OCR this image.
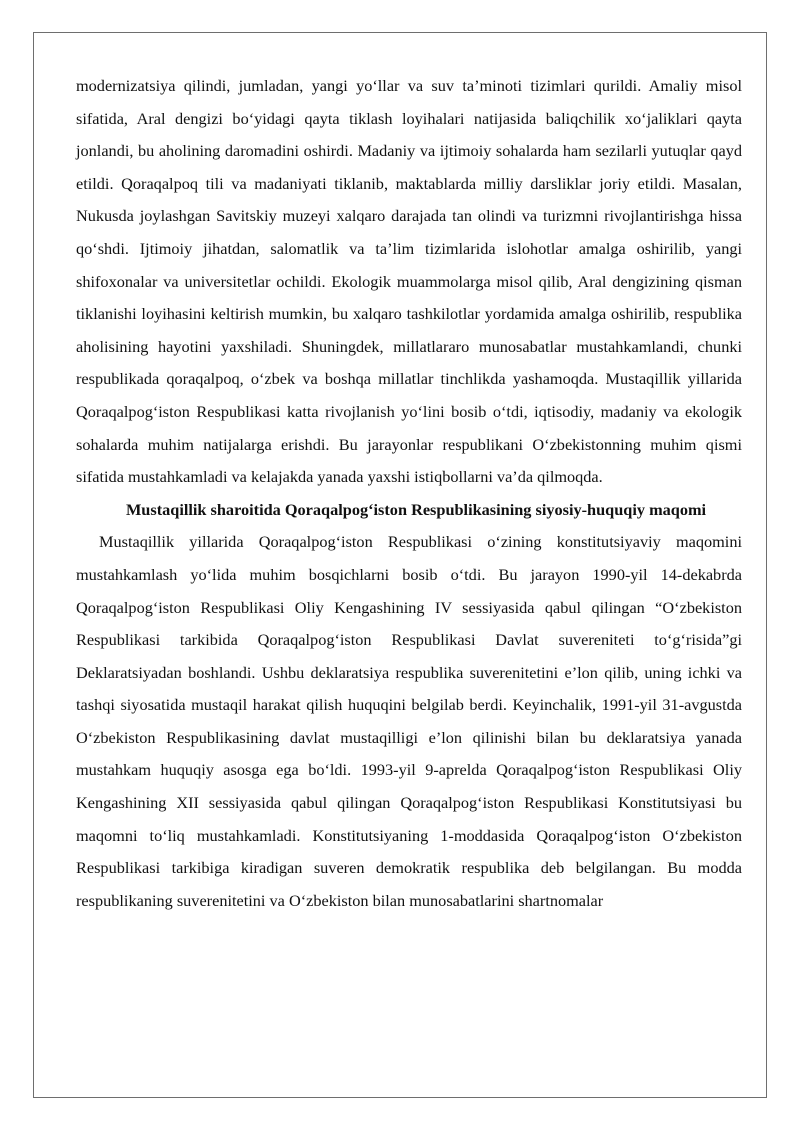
modernizatsiya qilindi, jumladan, yangi yo‘llar va suv ta’minoti tizimlari qurildi. Amaliy misol sifatida, Aral dengizi bo‘yidagi qayta tiklash loyihalari natijasida baliqchilik xo‘jaliklari qayta jonlandi, bu aholining daromadini oshirdi. Madaniy va ijtimoiy sohalarda ham sezilarli yutuqlar qayd etildi. Qoraqalpoq tili va madaniyati tiklanib, maktablarda milliy darsliklar joriy etildi. Masalan, Nukusda joylashgan Savitskiy muzeyi xalqaro darajada tan olindi va turizmni rivojlantirishga hissa qo‘shdi. Ijtimoiy jihatdan, salomatlik va ta’lim tizimlarida islohotlar amalga oshirilib, yangi shifoxonalar va universitetlar ochildi. Ekologik muammolarga misol qilib, Aral dengizining qisman tiklanishi loyihasini keltirish mumkin, bu xalqaro tashkilotlar yordamida amalga oshirilib, respublika aholisining hayotini yaxshiladi. Shuningdek, millatlararo munosabatlar mustahkamlandi, chunki respublikada qoraqalpoq, o‘zbek va boshqa millatlar tinchlikda yashamoqda. Mustaqillik yillarida Qoraqalpog‘iston Respublikasi katta rivojlanish yo‘lini bosib o‘tdi, iqtisodiy, madaniy va ekologik sohalarda muhim natijalarga erishdi. Bu jarayonlar respublikani O‘zbekistonning muhim qismi sifatida mustahkamladi va kelajakda yanada yaxshi istiqbollarni va’da qilmoqda.

Mustaqillik sharoitida Qoraqalpog‘iston Respublikasining siyosiy-huquqiy maqomi

Mustaqillik yillarida Qoraqalpog‘iston Respublikasi o‘zining konstitutsiyaviy maqomini mustahkamlash yo‘lida muhim bosqichlarni bosib o‘tdi. Bu jarayon 1990-yil 14-dekabrda Qoraqalpog‘iston Respublikasi Oliy Kengashining IV sessiyasida qabul qilingan “O‘zbekiston Respublikasi tarkibida Qoraqalpog‘iston Respublikasi Davlat suvereniteti to‘g‘risida”gi Deklaratsiyadan boshlandi. Ushbu deklaratsiya respublika suverenitetini e’lon qilib, uning ichki va tashqi siyosatida mustaqil harakat qilish huquqini belgilab berdi. Keyinchalik, 1991-yil 31-avgustda O‘zbekiston Respublikasining davlat mustaqilligi e’lon qilinishi bilan bu deklaratsiya yanada mustahkam huquqiy asosga ega bo‘ldi. 1993-yil 9-aprelda Qoraqalpog‘iston Respublikasi Oliy Kengashining XII sessiyasida qabul qilingan Qoraqalpog‘iston Respublikasi Konstitutsiyasi bu maqomni to‘liq mustahkamladi. Konstitutsiyaning 1-moddasida Qoraqalpog‘iston O‘zbekiston Respublikasi tarkibiga kiradigan suveren demokratik respublika deb belgilangan. Bu modda respublikaning suverenitetini va O‘zbekiston bilan munosabatlarini shartnomalar
